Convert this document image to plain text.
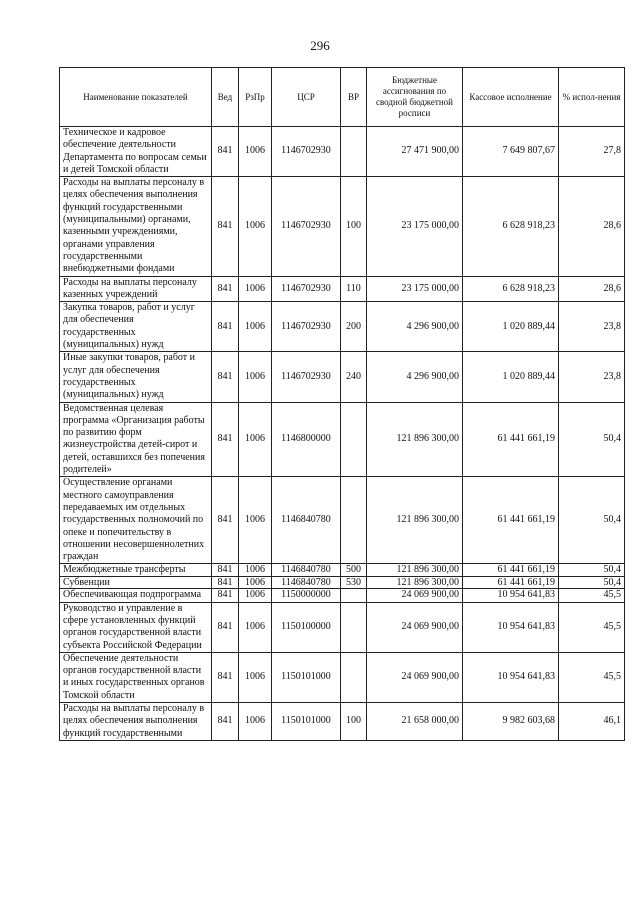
296
Наименование показателей	Вед	РзПр	ЦСР	ВР	Бюджетные ассигнования по сводной бюджетной росписи	Кассовое исполнение	% испол-нения
Техническое и кадровое обеспечение деятельности Департамента по вопросам семьи и детей Томской области	841	1006	1146702930		27 471 900,00	7 649 807,67	27,8
Расходы на выплаты персоналу в целях обеспечения выполнения функций государственными (муниципальными) органами, казенными учреждениями, органами управления государственными внебюджетными фондами	841	1006	1146702930	100	23 175 000,00	6 628 918,23	28,6
Расходы на выплаты персоналу казенных учреждений	841	1006	1146702930	110	23 175 000,00	6 628 918,23	28,6
Закупка товаров, работ и услуг для обеспечения государственных (муниципальных) нужд	841	1006	1146702930	200	4 296 900,00	1 020 889,44	23,8
Иные закупки товаров, работ и услуг для обеспечения государственных (муниципальных) нужд	841	1006	1146702930	240	4 296 900,00	1 020 889,44	23,8
Ведомственная целевая программа «Организация работы по развитию форм жизнеустройства детей-сирот и детей, оставшихся без попечения родителей»	841	1006	1146800000		121 896 300,00	61 441 661,19	50,4
Осуществление органами местного самоуправления передаваемых им отдельных государственных полномочий по опеке и попечительству в отношении несовершеннолетних граждан	841	1006	1146840780		121 896 300,00	61 441 661,19	50,4
Межбюджетные трансферты	841	1006	1146840780	500	121 896 300,00	61 441 661,19	50,4
Субвенции	841	1006	1146840780	530	121 896 300,00	61 441 661,19	50,4
Обеспечивающая подпрограмма	841	1006	1150000000		24 069 900,00	10 954 641,83	45,5
Руководство и управление в сфере установленных функций органов государственной власти субъекта Российской Федерации	841	1006	1150100000		24 069 900,00	10 954 641,83	45,5
Обеспечение деятельности органов государственной власти и иных государственных органов Томской области	841	1006	1150101000		24 069 900,00	10 954 641,83	45,5
Расходы на выплаты персоналу в целях обеспечения выполнения функций государственными	841	1006	1150101000	100	21 658 000,00	9 982 603,68	46,1
